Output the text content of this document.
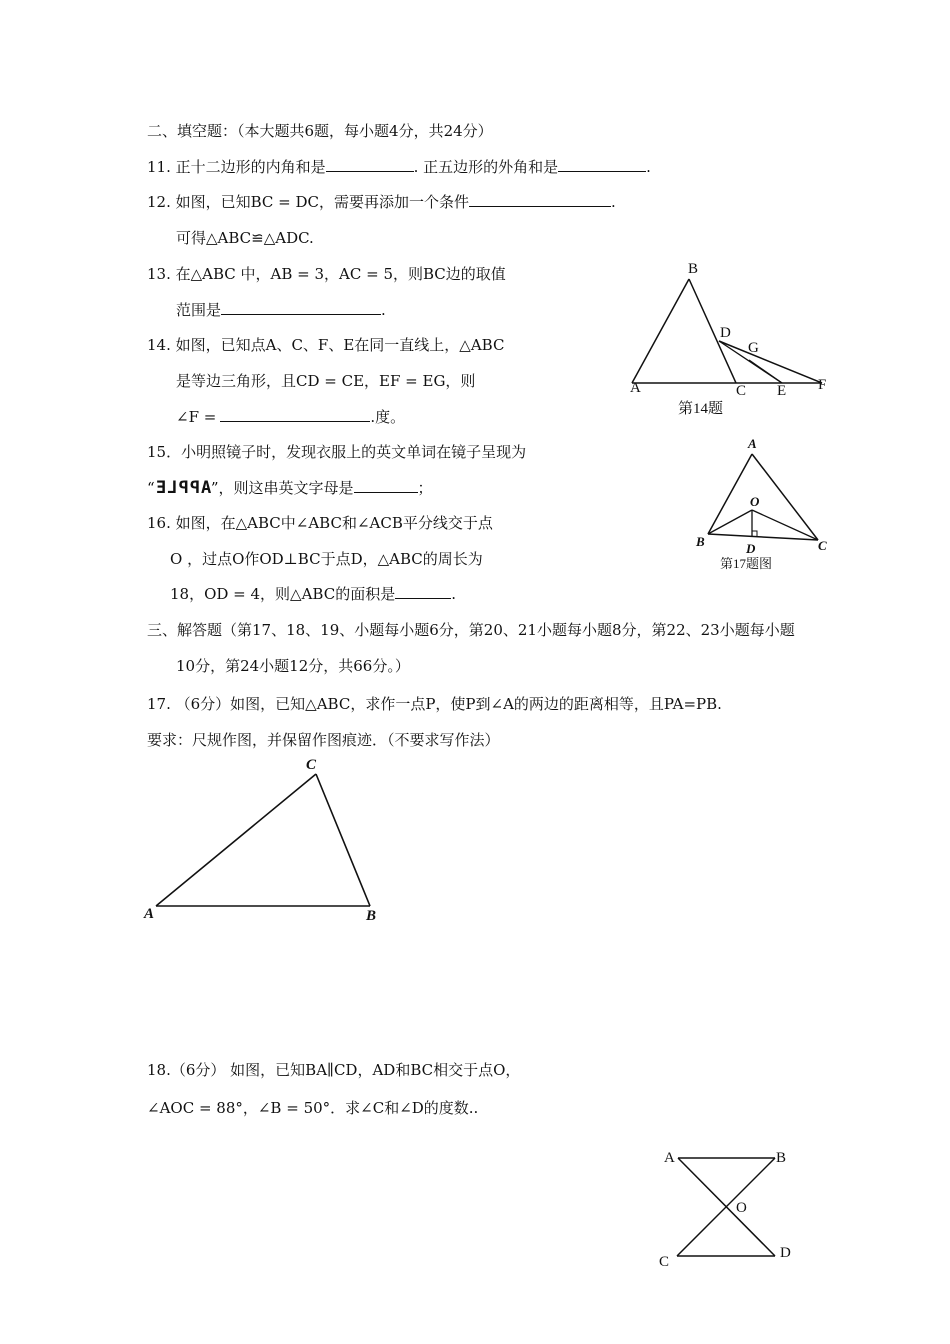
二、填空题：（本大题共6题，每小题4分，共24分）
11. 正十二边形的内角和是	. 正五边形的外角和是	.
12. 如图，已知BC = DC，需要再添加一个条件	.
可得△ABC≌△ADC.
13. 在△ABC 中，AB = 3，AC = 5，则BC边的取值
范围是	.
14. 如图，已知点A、C、F、E在同一直线上，△ABC
是等边三角形，且CD = CE，EF = EG，则
∠F =	.度。
15．小明照镜子时，发现衣服上的英文单词在镜子呈现为
“APPLE”，则这串英文字母是	；
16. 如图，在△ABC中∠ABC和∠ACB平分线交于点
O ，过点O作OD⊥BC于点D，△ABC的周长为
18，OD = 4，则△ABC的面积是	.
三、解答题（第17、18、19、小题每小题6分，第20、21小题每小题8分，第22、23小题每小题
10分，第24小题12分，共66分。）
17. （6分）如图，已知△ABC，求作一点P，使P到∠A的两边的距离相等，且PA=PB.
要求：尺规作图，并保留作图痕迹．（不要求写作法）
18.（6分） 如图，已知BA∥CD，AD和BC相交于点O，
∠AOC = 88°，∠B = 50°．求∠C和∠D的度数..
B
D
G
A	C E F
第14题
A
O
B	D	C
第17题图
C
A	B
A	B
O
C
D
